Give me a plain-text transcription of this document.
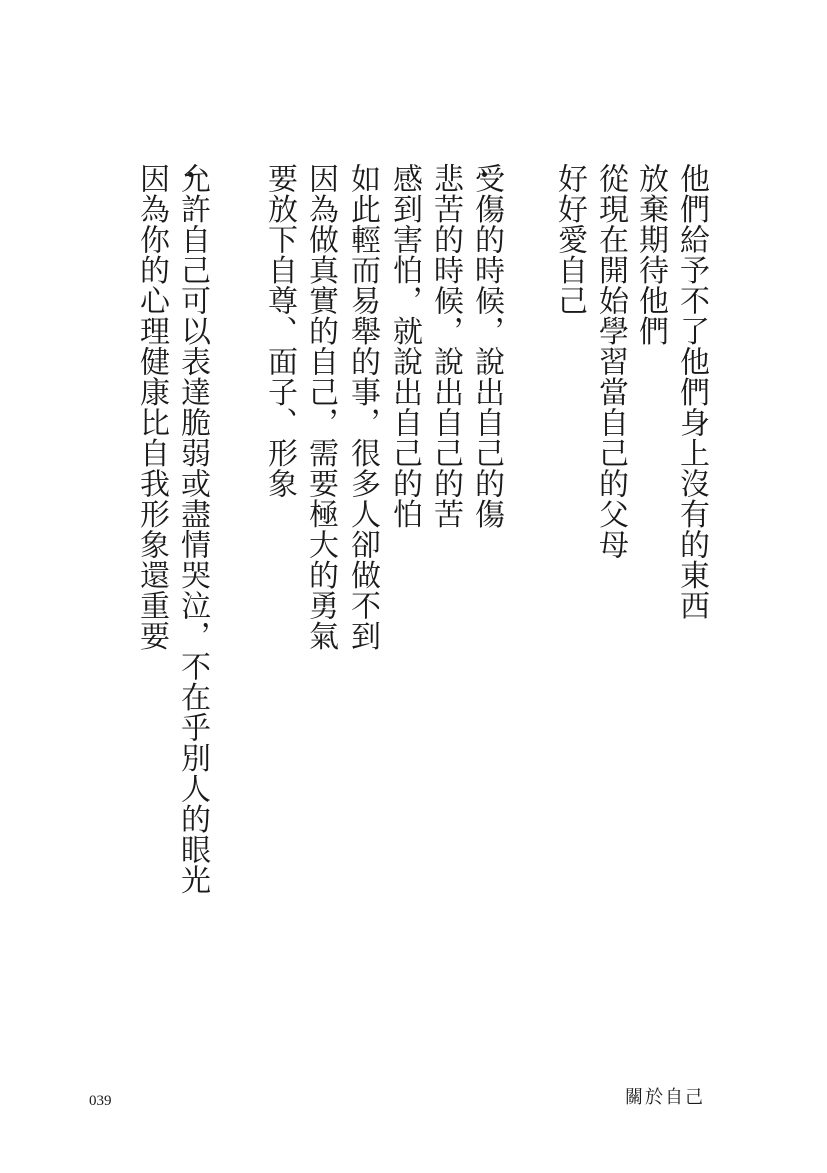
他們給予不了他們身上沒有的東西
放棄期待他們
從現在開始學習當自己的父母
好好愛自己
受傷的時候，說出自己的傷
悲苦的時候，說出自己的苦
感到害怕，就說出自己的怕
如此輕而易舉的事，很多人卻做不到
因為做真實的自己，需要極大的勇氣
要放下自尊、面子、形象
允許自己可以表達脆弱或盡情哭泣，不在乎別人的眼光
因為你的心理健康比自我形象還重要
039	關於自己
